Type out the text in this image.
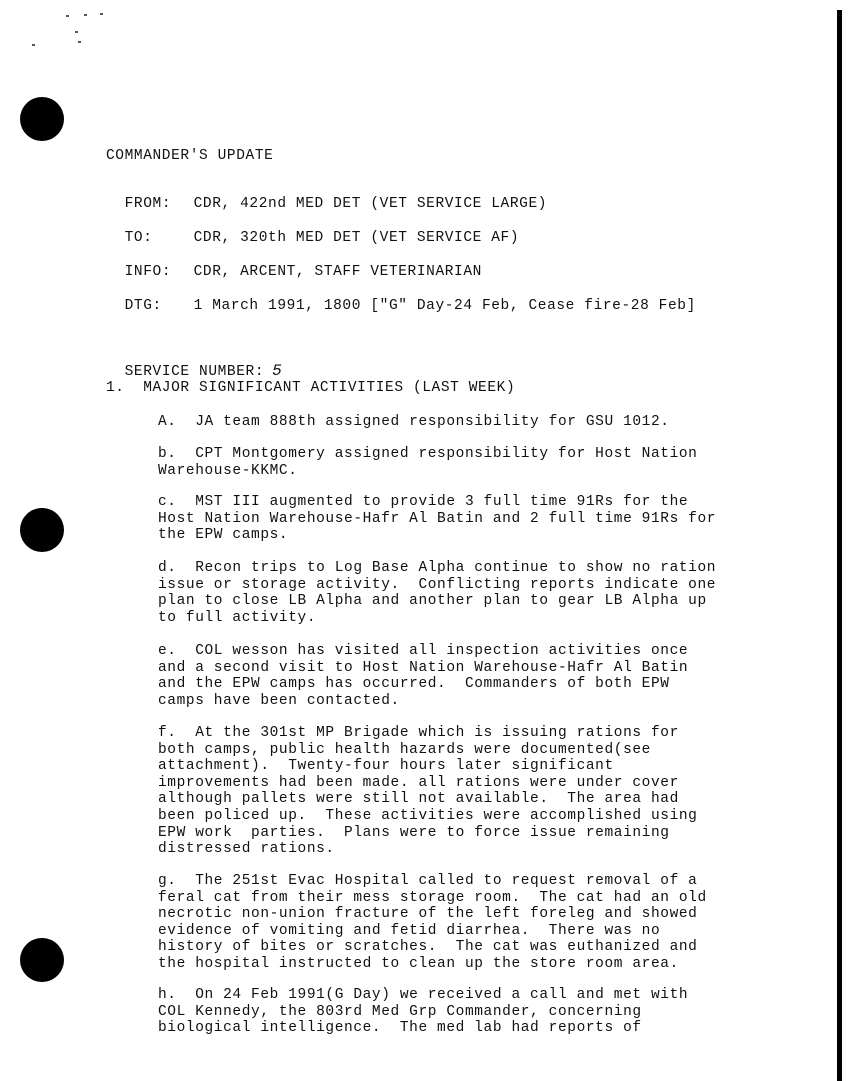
COMMANDER'S UPDATE

FROM: CDR, 422nd MED DET (VET SERVICE LARGE)

TO:	CDR, 320th MED DET (VET SERVICE AF)

INFO: CDR, ARCENT, STAFF VETERINARIAN

DTG: 1 March 1991, 1800 ["G" Day-24 Feb, Cease fire-28 Feb]

SERVICE NUMBER: 5

1.  MAJOR SIGNIFICANT ACTIVITIES (LAST WEEK)
A.  JA team 888th assigned responsibility for GSU 1012.
b.  CPT Montgomery assigned responsibility for Host Nation
Warehouse-KKMC.
c.  MST III augmented to provide 3 full time 91Rs for the
Host Nation Warehouse-Hafr Al Batin and 2 full time 91Rs for
the EPW camps.
d.  Recon trips to Log Base Alpha continue to show no ration
issue or storage activity.  Conflicting reports indicate one
plan to close LB Alpha and another plan to gear LB Alpha up
to full activity.
e.  COL wesson has visited all inspection activities once
and a second visit to Host Nation Warehouse-Hafr Al Batin
and the EPW camps has occurred.  Commanders of both EPW
camps have been contacted.
f.  At the 301st MP Brigade which is issuing rations for
both camps, public health hazards were documented(see
attachment).  Twenty-four hours later significant
improvements had been made. all rations were under cover
although pallets were still not available.  The area had
been policed up.  These activities were accomplished using
EPW work  parties.  Plans were to force issue remaining
distressed rations.
g.  The 251st Evac Hospital called to request removal of a
feral cat from their mess storage room.  The cat had an old
necrotic non-union fracture of the left foreleg and showed
evidence of vomiting and fetid diarrhea.  There was no
history of bites or scratches.  The cat was euthanized and
the hospital instructed to clean up the store room area.
h.  On 24 Feb 1991(G Day) we received a call and met with
COL Kennedy, the 803rd Med Grp Commander, concerning
biological intelligence.  The med lab had reports of
